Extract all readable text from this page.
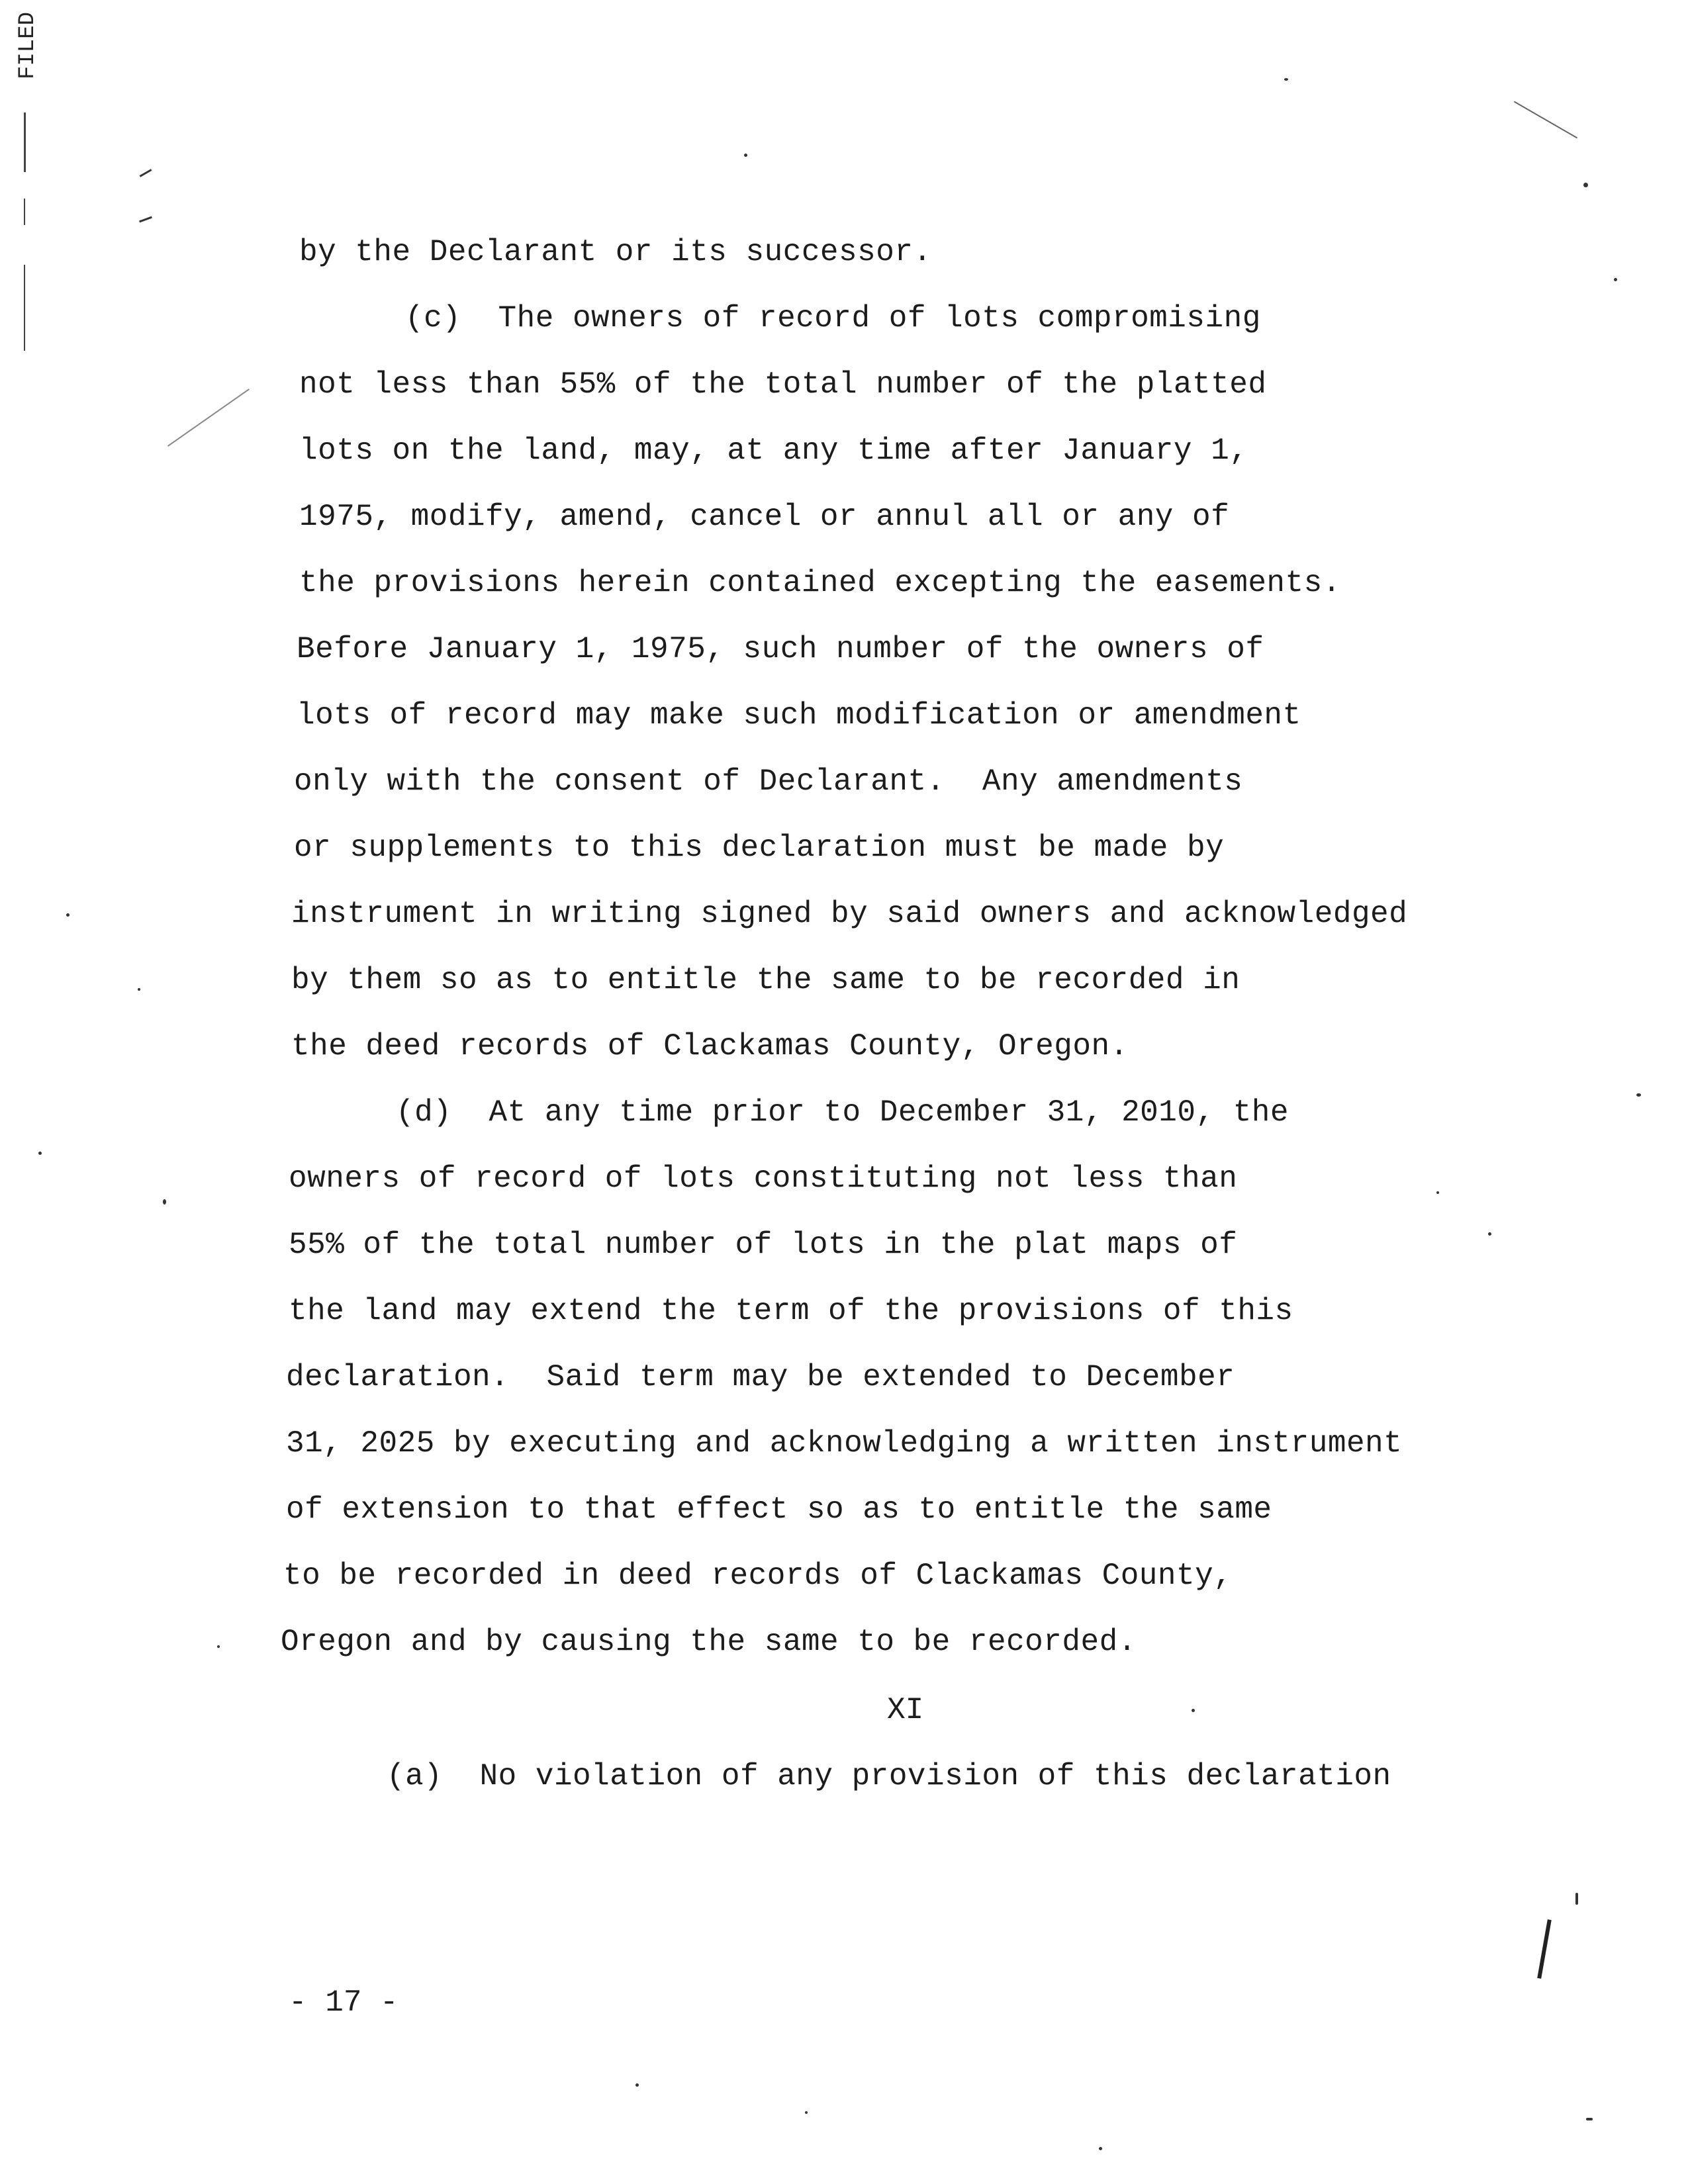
FILED
by the Declarant or its successor.
(c)  The owners of record of lots compromising
not less than 55% of the total number of the platted
lots on the land, may, at any time after January 1,
1975, modify, amend, cancel or annul all or any of
the provisions herein contained excepting the easements.
Before January 1, 1975, such number of the owners of
lots of record may make such modification or amendment
only with the consent of Declarant.  Any amendments
or supplements to this declaration must be made by
instrument in writing signed by said owners and acknowledged
by them so as to entitle the same to be recorded in
the deed records of Clackamas County, Oregon.
(d)  At any time prior to December 31, 2010, the
owners of record of lots constituting not less than
55% of the total number of lots in the plat maps of
the land may extend the term of the provisions of this
declaration.  Said term may be extended to December
31, 2025 by executing and acknowledging a written instrument
of extension to that effect so as to entitle the same
to be recorded in deed records of Clackamas County,
Oregon and by causing the same to be recorded.
XI
(a)  No violation of any provision of this declaration
- 17 -
